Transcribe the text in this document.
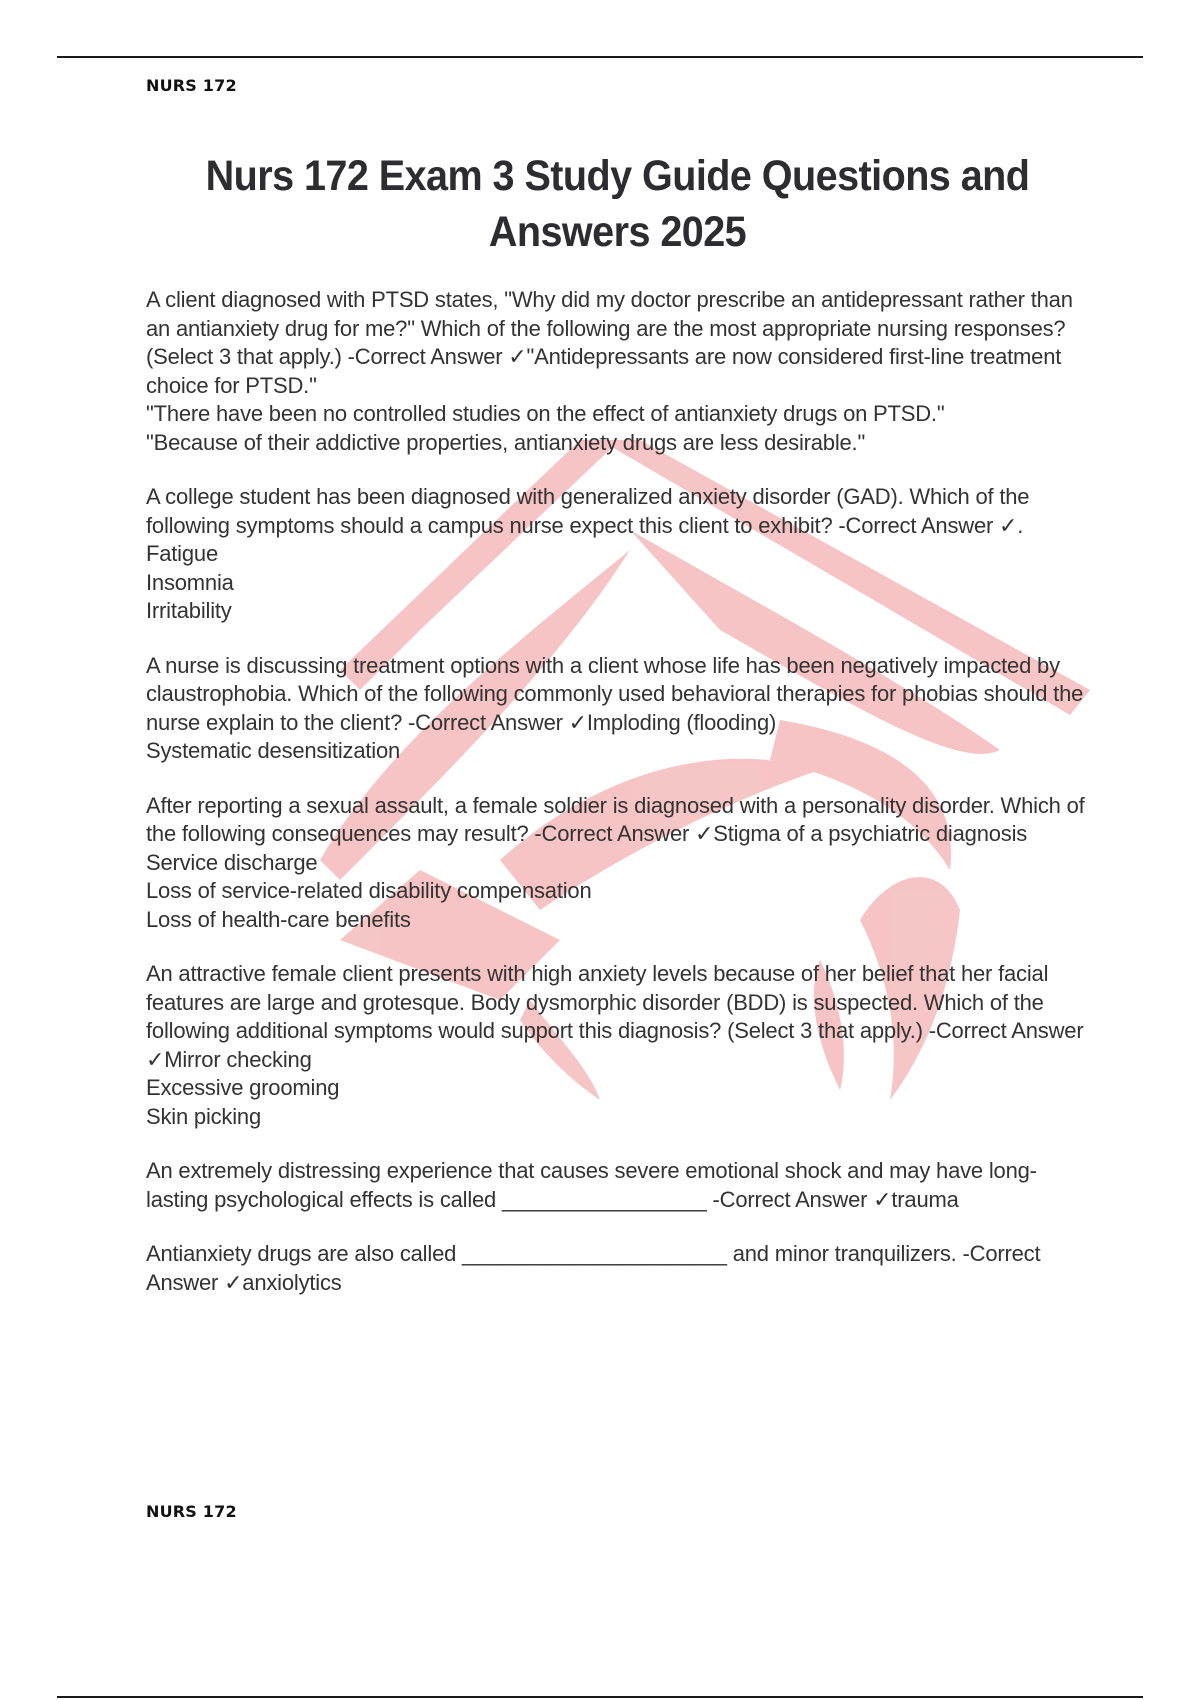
NURS 172
Nurs 172 Exam 3 Study Guide Questions and
Answers 2025

A client diagnosed with PTSD states, "Why did my doctor prescribe an antidepressant rather than an antianxiety drug for me?" Which of the following are the most appropriate nursing responses? (Select 3 that apply.) -Correct Answer ✓"Antidepressants are now considered first-line treatment choice for PTSD."

"There have been no controlled studies on the effect of antianxiety drugs on PTSD."

"Because of their addictive properties, antianxiety drugs are less desirable."

A college student has been diagnosed with generalized anxiety disorder (GAD). Which of the following symptoms should a campus nurse expect this client to exhibit? -Correct Answer ✓. Fatigue

Insomnia

Irritability

A nurse is discussing treatment options with a client whose life has been negatively impacted by claustrophobia. Which of the following commonly used behavioral therapies for phobias should the nurse explain to the client? -Correct Answer ✓Imploding (flooding)

Systematic desensitization

After reporting a sexual assault, a female soldier is diagnosed with a personality disorder. Which of the following consequences may result? -Correct Answer ✓Stigma of a psychiatric diagnosis

Service discharge

Loss of service-related disability compensation

Loss of health-care benefits

An attractive female client presents with high anxiety levels because of her belief that her facial features are large and grotesque. Body dysmorphic disorder (BDD) is suspected. Which of the following additional symptoms would support this diagnosis? (Select 3 that apply.) -Correct Answer ✓Mirror checking

Excessive grooming

Skin picking

An extremely distressing experience that causes severe emotional shock and may have long-lasting psychological effects is called _________________ -Correct Answer ✓trauma

Antianxiety drugs are also called ______________________ and minor tranquilizers. -Correct Answer ✓anxiolytics

NURS 172
